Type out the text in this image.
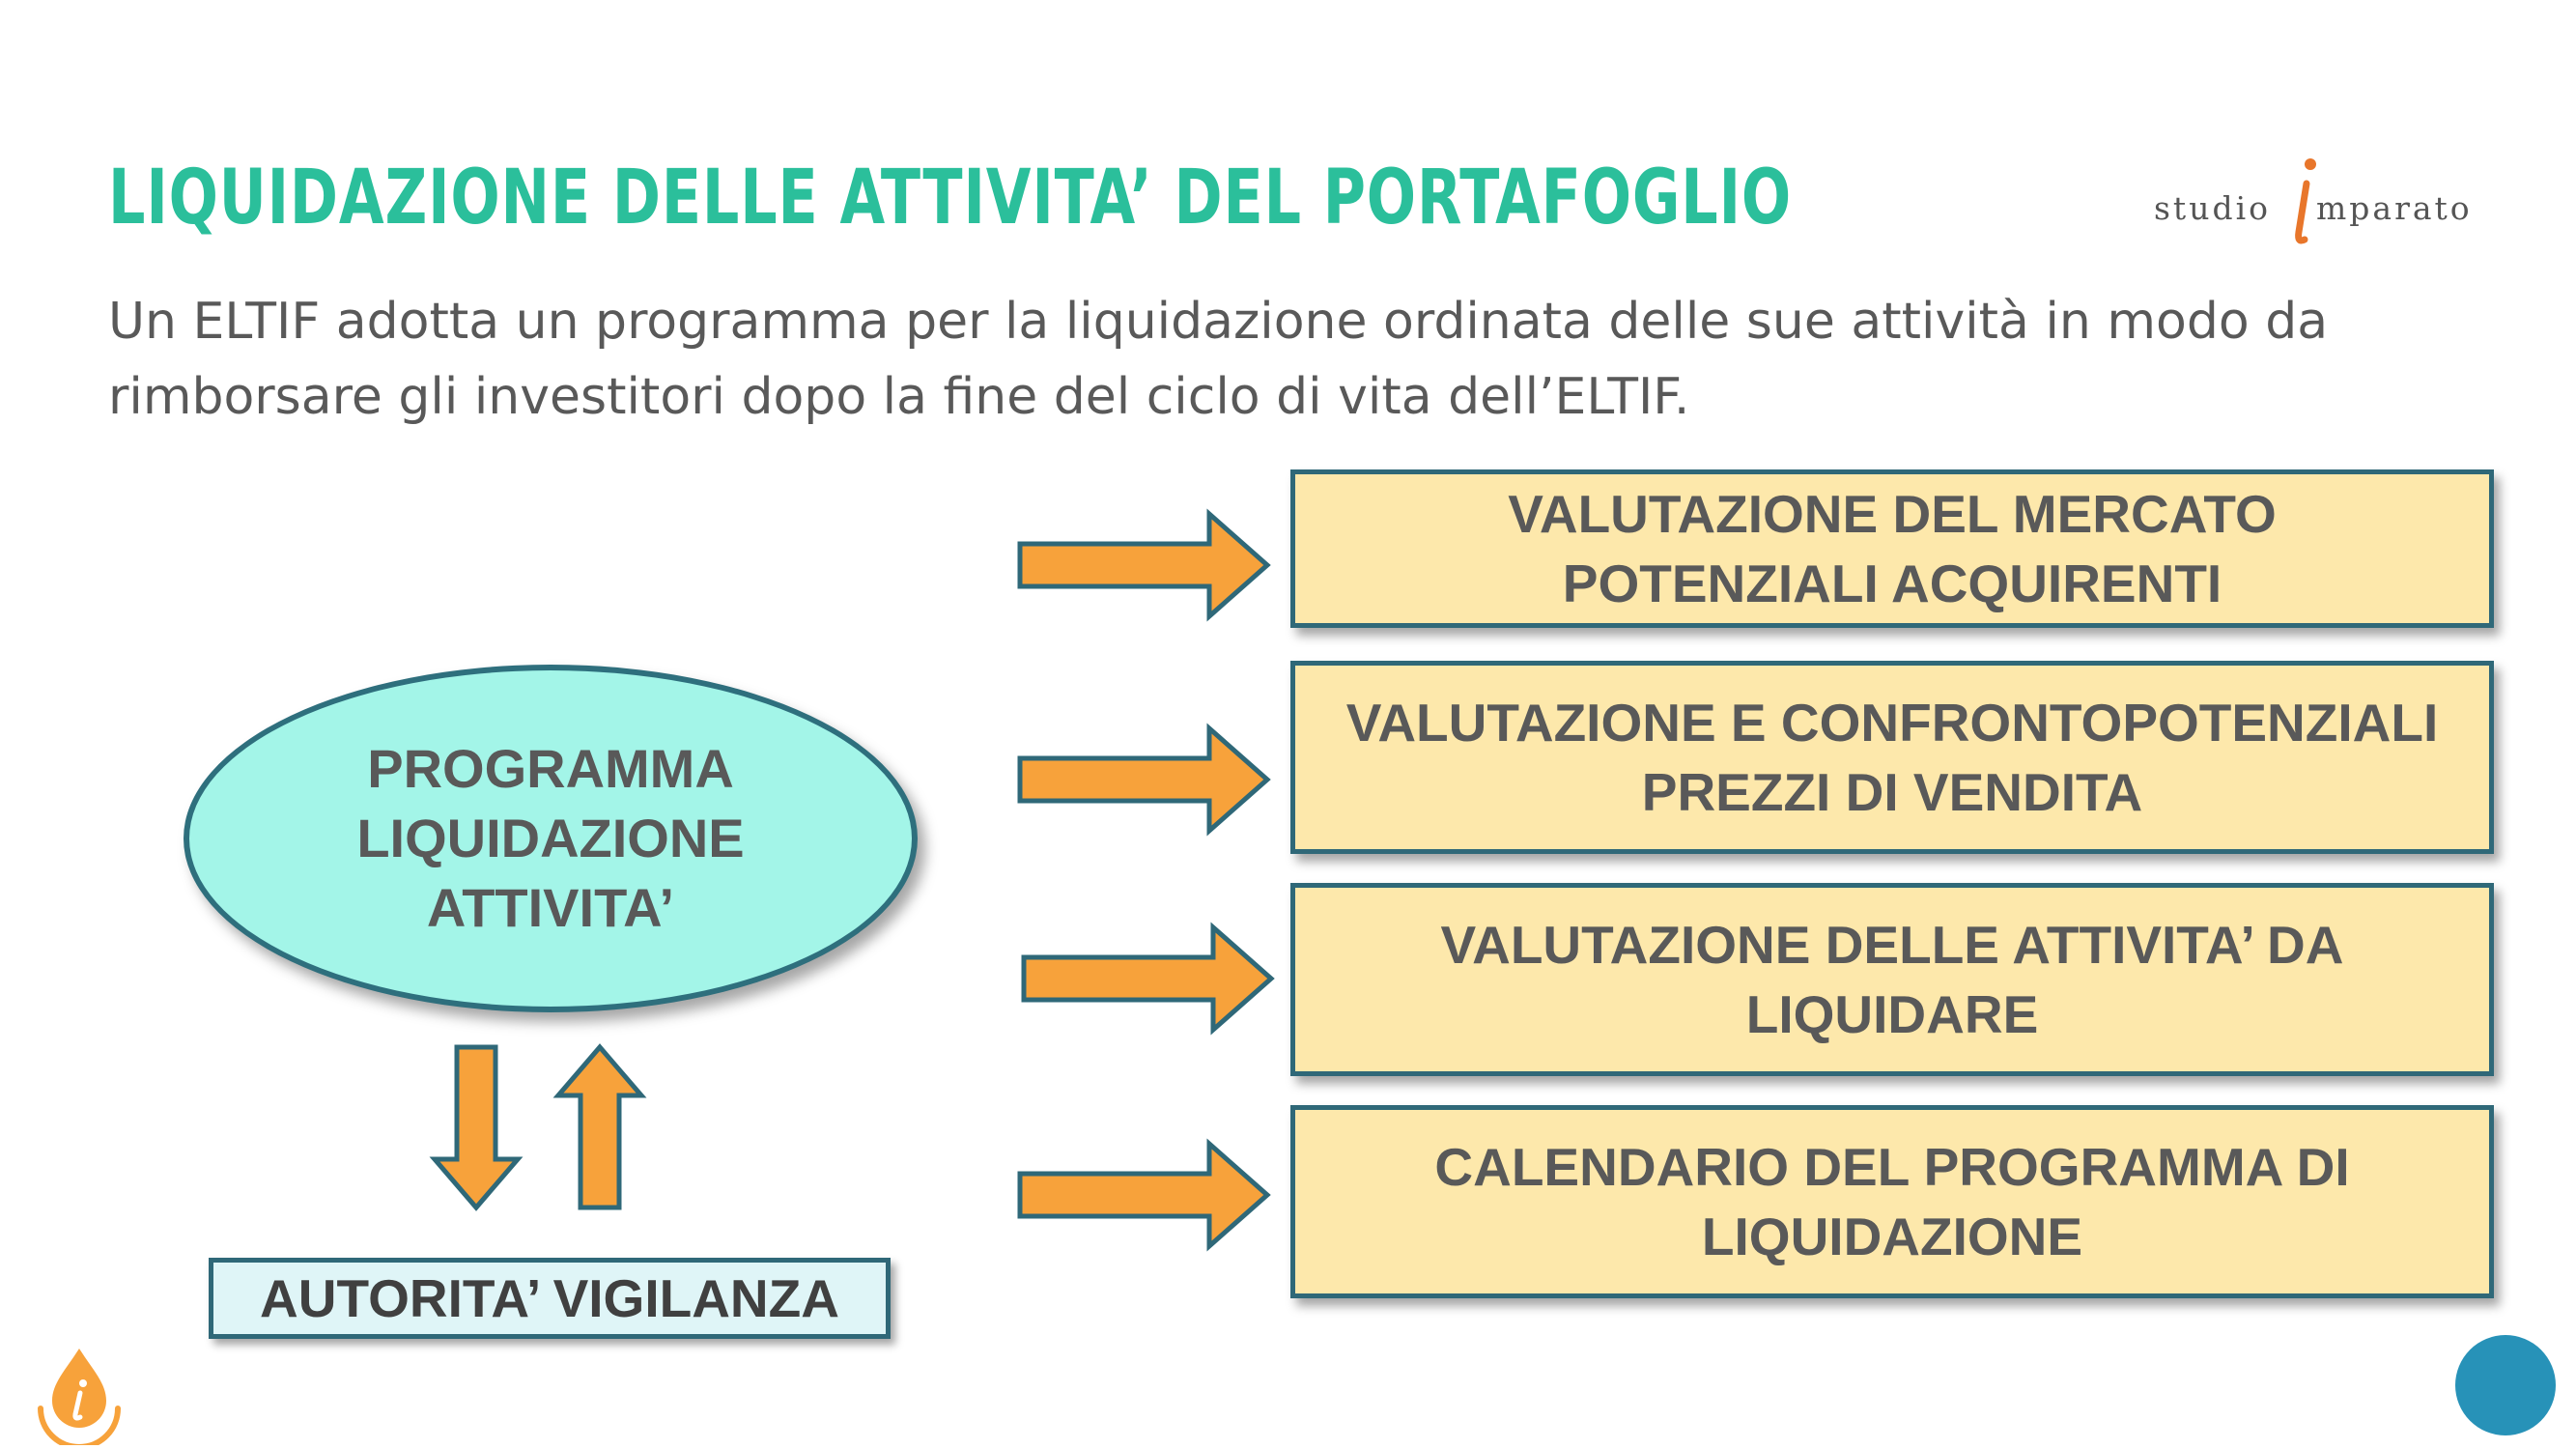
LIQUIDAZIONE DELLE ATTIVITA’ DEL PORTAFOGLIO

Un ELTIF adotta un programma per la liquidazione ordinata delle sue attività in modo da rimborsare gli investitori dopo la fine del ciclo di vita dell’ELTIF.

studio mparato
PROGRAMMA
LIQUIDAZIONE
ATTIVITA’
VALUTAZIONE DEL MERCATO
POTENZIALI ACQUIRENTI
VALUTAZIONE E CONFRONTOPOTENZIALI
PREZZI DI VENDITA
VALUTAZIONE DELLE ATTIVITA’ DA
LIQUIDARE
CALENDARIO DEL PROGRAMMA DI
LIQUIDAZIONE
AUTORITA’ VIGILANZA
